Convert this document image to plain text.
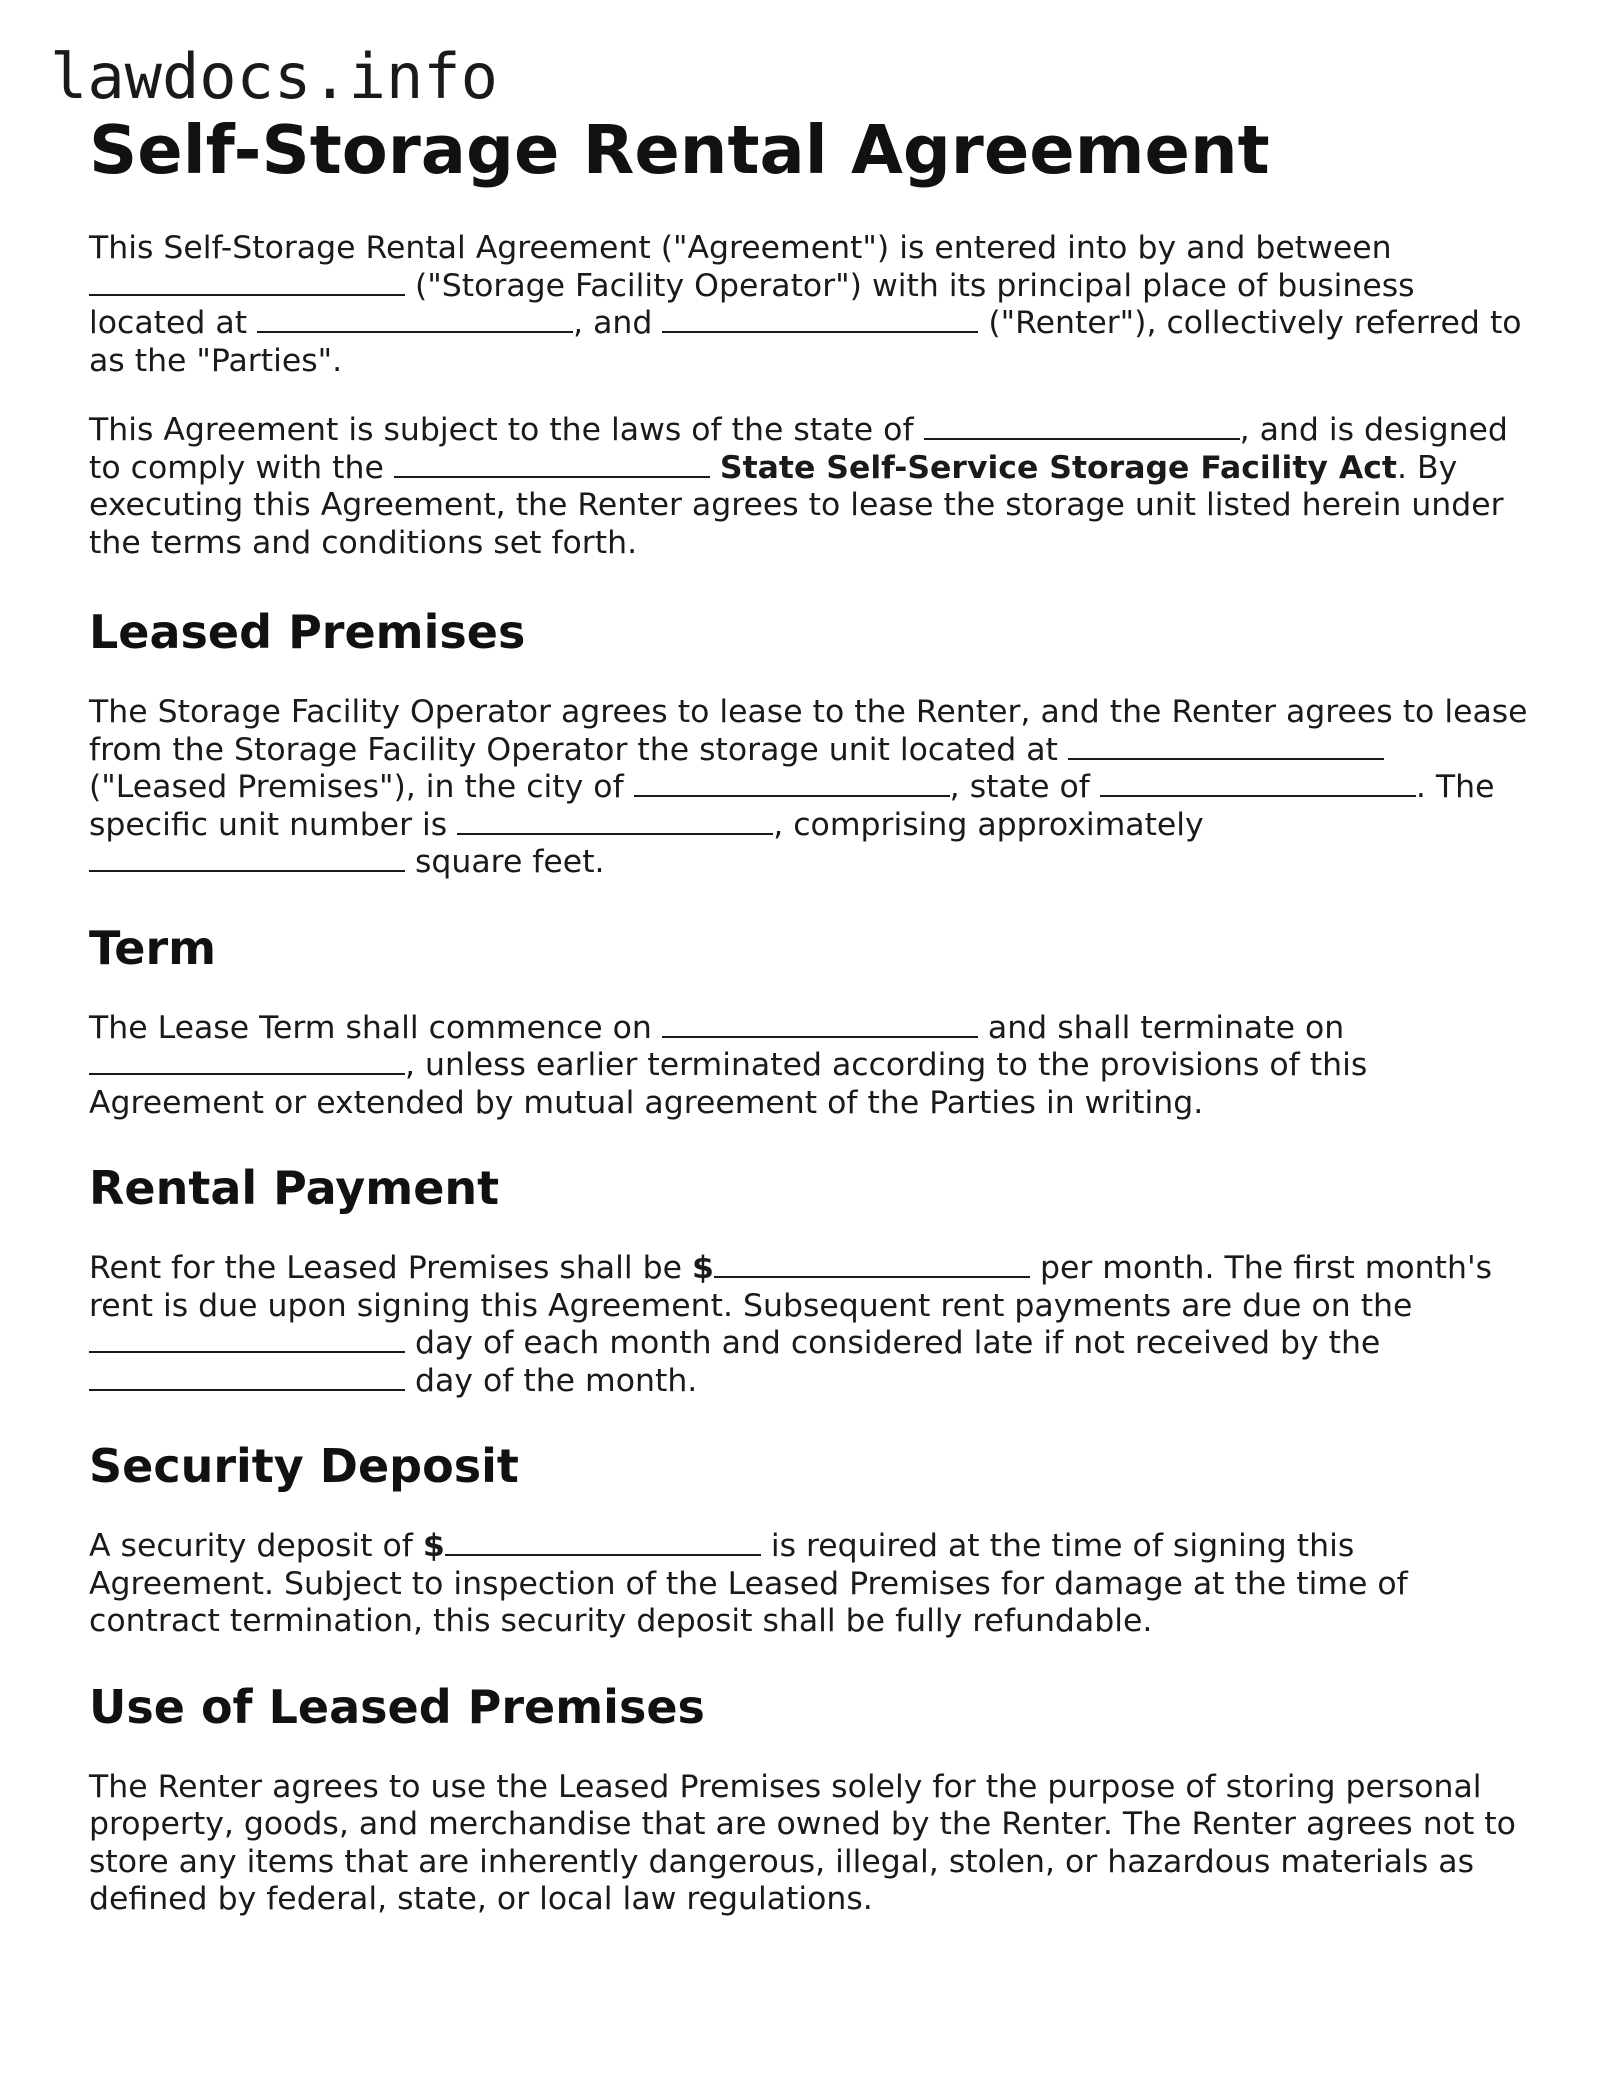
lawdocs.info
Self-Storage Rental Agreement

This Self-Storage Rental Agreement ("Agreement") is entered into by and between
("Storage Facility Operator") with its principal place of business located at	, and	("Renter"), collectively referred to as the "Parties".

This Agreement is subject to the laws of the state of	, and is designed to comply with the	State Self-Service Storage Facility Act. By executing this Agreement, the Renter agrees to lease the storage unit listed herein under the terms and conditions set forth.

Leased Premises

The Storage Facility Operator agrees to lease to the Renter, and the Renter agrees to lease from the Storage Facility Operator the storage unit located at  ("Leased Premises"), in the city of	, state of	. The specific unit number is	, comprising approximately
square feet.

Term

The Lease Term shall commence on	and shall terminate on , unless earlier terminated according to the provisions of this Agreement or extended by mutual agreement of the Parties in writing.

Rental Payment

Rent for the Leased Premises shall be $	per month. The first month's rent is due upon signing this Agreement. Subsequent rent payments are due on the  day of each month and considered late if not received by the  day of the month.

Security Deposit

A security deposit of $	is required at the time of signing this Agreement. Subject to inspection of the Leased Premises for damage at the time of contract termination, this security deposit shall be fully refundable.

Use of Leased Premises

The Renter agrees to use the Leased Premises solely for the purpose of storing personal property, goods, and merchandise that are owned by the Renter. The Renter agrees not to store any items that are inherently dangerous, illegal, stolen, or hazardous materials as defined by federal, state, or local law regulations.
